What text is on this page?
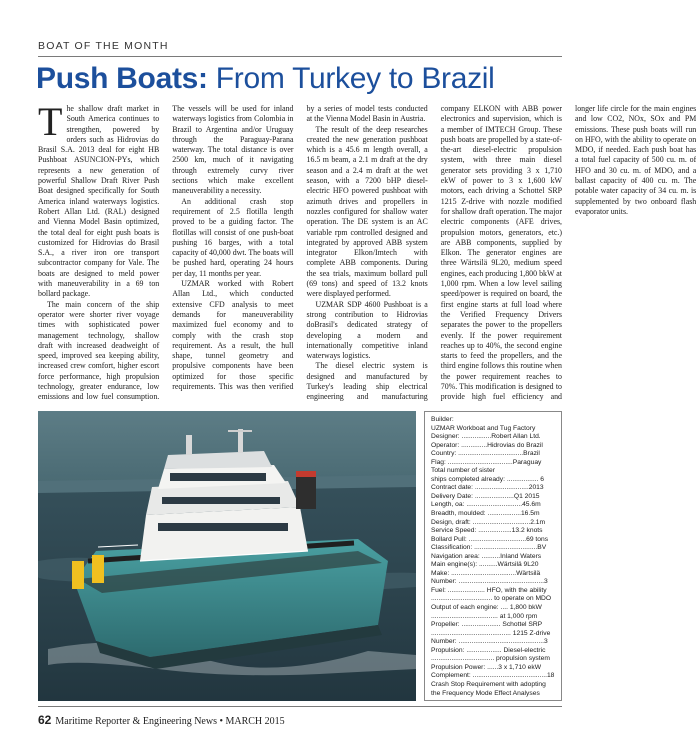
BOAT OF THE MONTH
Push Boats: From Turkey to Brazil

The shallow draft market in South America continues to strengthen, powered by orders such as Hidrovias do Brasil S.A. 2013 deal for eight HB Pushboat ASUNCION-PYs, which represents a new generation of powerful Shallow Draft River Push Boat designed specifically for South America inland waterways logistics. Robert Allan Ltd. (RAL) designed and Vienna Model Basin optimized, the total deal for eight push boats is customized for Hidrovias do Brasil S.A., a river iron ore transport subcontractor company for Vale. The boats are designed to meld power with maneuverability in a 69 ton bollard package.

The main concern of the ship operator were shorter river voyage times with sophisticated power management technology, shallow draft with increased deadweight of speed, improved sea keeping ability, increased crew comfort, higher escort force performance, high propulsion technology, greater endurance, low emissions and low fuel consumption. The vessels will be used for inland waterways logistics from Colombia in Brazil to Argentina and/or Uruguay through the Paraguay-Parana waterway. The total distance is over 2500 km, much of it navigating through extremely curvy river sections which make excellent maneuverability a necessity.

An additional crash stop requirement of 2.5 flotilla length proved to be a guiding factor. The flotillas will consist of one push-boat pushing 16 barges, with a total capacity of 40,000 dwt. The boats will be pushed hard, operating 24 hours per day, 11 months per year.

UZMAR worked with Robert Allan Ltd., which conducted extensive CFD analysis to meet demands for maneuverability maximized fuel economy and to comply with the crash stop requirement. As a result, the hull shape, tunnel geometry and propulsive components have been optimized for those specific requirements. This was then verified by a series of model tests conducted at the Vienna Model Basin in Austria.

The result of the deep researches created the new generation pushboat which is a 45.6 m length overall, a 16.5 m beam, a 2.1 m draft at the dry season and a 2.4 m draft at the wet season, with a 7200 bHP diesel-electric HFO powered pushboat with azimuth drives and propellers in nozzles configured for shallow water operation. The DE system is an AC variable rpm controlled designed and integrated by approved ABB system integrator Elkon/Imtech with complete ABB components. During the sea trials, maximum bollard pull (69 tons) and speed of 13.2 knots were displayed performed.

UZMAR SDP 4600 Pushboat is a strong contribution to Hidrovias doBrasil's dedicated strategy of developing a modern and internationally competitive inland waterways logistics.

The diesel electric system is designed and manufactured by Turkey's leading ship electrical engineering and manufacturing company ELKON with ABB power electronics and supervision, which is a member of IMTECH Group. These push boats are propelled by a state-of-the-art diesel-electric propulsion system, with three main diesel generator sets providing 3 x 1,710 ekW of power to 3 x 1,600 kW motors, each driving a Schottel SRP 1215 Z-drive with nozzle modified for shallow draft operation. The major electric components (AFE drives, propulsion motors, generators, etc.) are ABB components, supplied by Elkon. The generator engines are three Wärtsilä 9L20, medium speed engines, each producing 1,800 bkW at 1,000 rpm. When a low level sailing speed/power is required on board, the first engine starts at full load where the Verified Frequency Drivers separates the power to the propellers evenly. If the power requirement reaches up to 40%, the second engine starts to feed the propellers, and the third engine follows this routine when the power requirement reaches to 70%. This modification is designed to provide high fuel efficiency and longer life circle for the main engines and low CO2, NOx, SOx and PM emissions. These push boats will run on HFO, with the ability to operate on MDO, if needed. Each push boat has a total fuel capacity of 500 cu. m. of HFO and 30 cu. m. of MDO, and a ballast capacity of 400 cu. m. The potable water capacity of 34 cu. m. is supplemented by two onboard flash evaporator units.

Builder:
UZMAR Workboat and Tug Factory
Designer: ................Robert Allan Ltd.
Operator: ..............Hidrovias do Brazil
Country: ...................................Brazil
Flag: ...................................Paraguay
Total number of sister
ships completed already: ................. 6
Contract date: .............................2013
Delivery Date: .....................Q1 2015
Length, oa: ..............................45.6m
Breadth, moulded: ..................16.5m
Design, draft: ...............................2.1m
Service Speed: ..................13.2 knots
Bollard Pull: ...............................69 tons
Classification: ..................................BV
Navigation area: ..........Inland Waters
Main engine(s): ..........Wärtsilä 9L20
Make: ...................................Wärtsilä
Number: ..............................................3
Fuel: .................... HFO, with the ability
................................. to operate on MDO
Output of each engine: .... 1,800 bkW
.................................... at 1,000 rpm
Propeller: ..................... Schottel SRP
........................................... 1215 Z-drive
Number: ..............................................3
Propulsion: ................... Diesel-electric
.................................. propulsion system
Propulsion Power: ......3 x 1,710 ekW
Complement: ........................................18
Crash Stop Requirement with adopting
the Frequency Mode Effect Analyses
62 Maritime Reporter & Engineering News • MARCH 2015
